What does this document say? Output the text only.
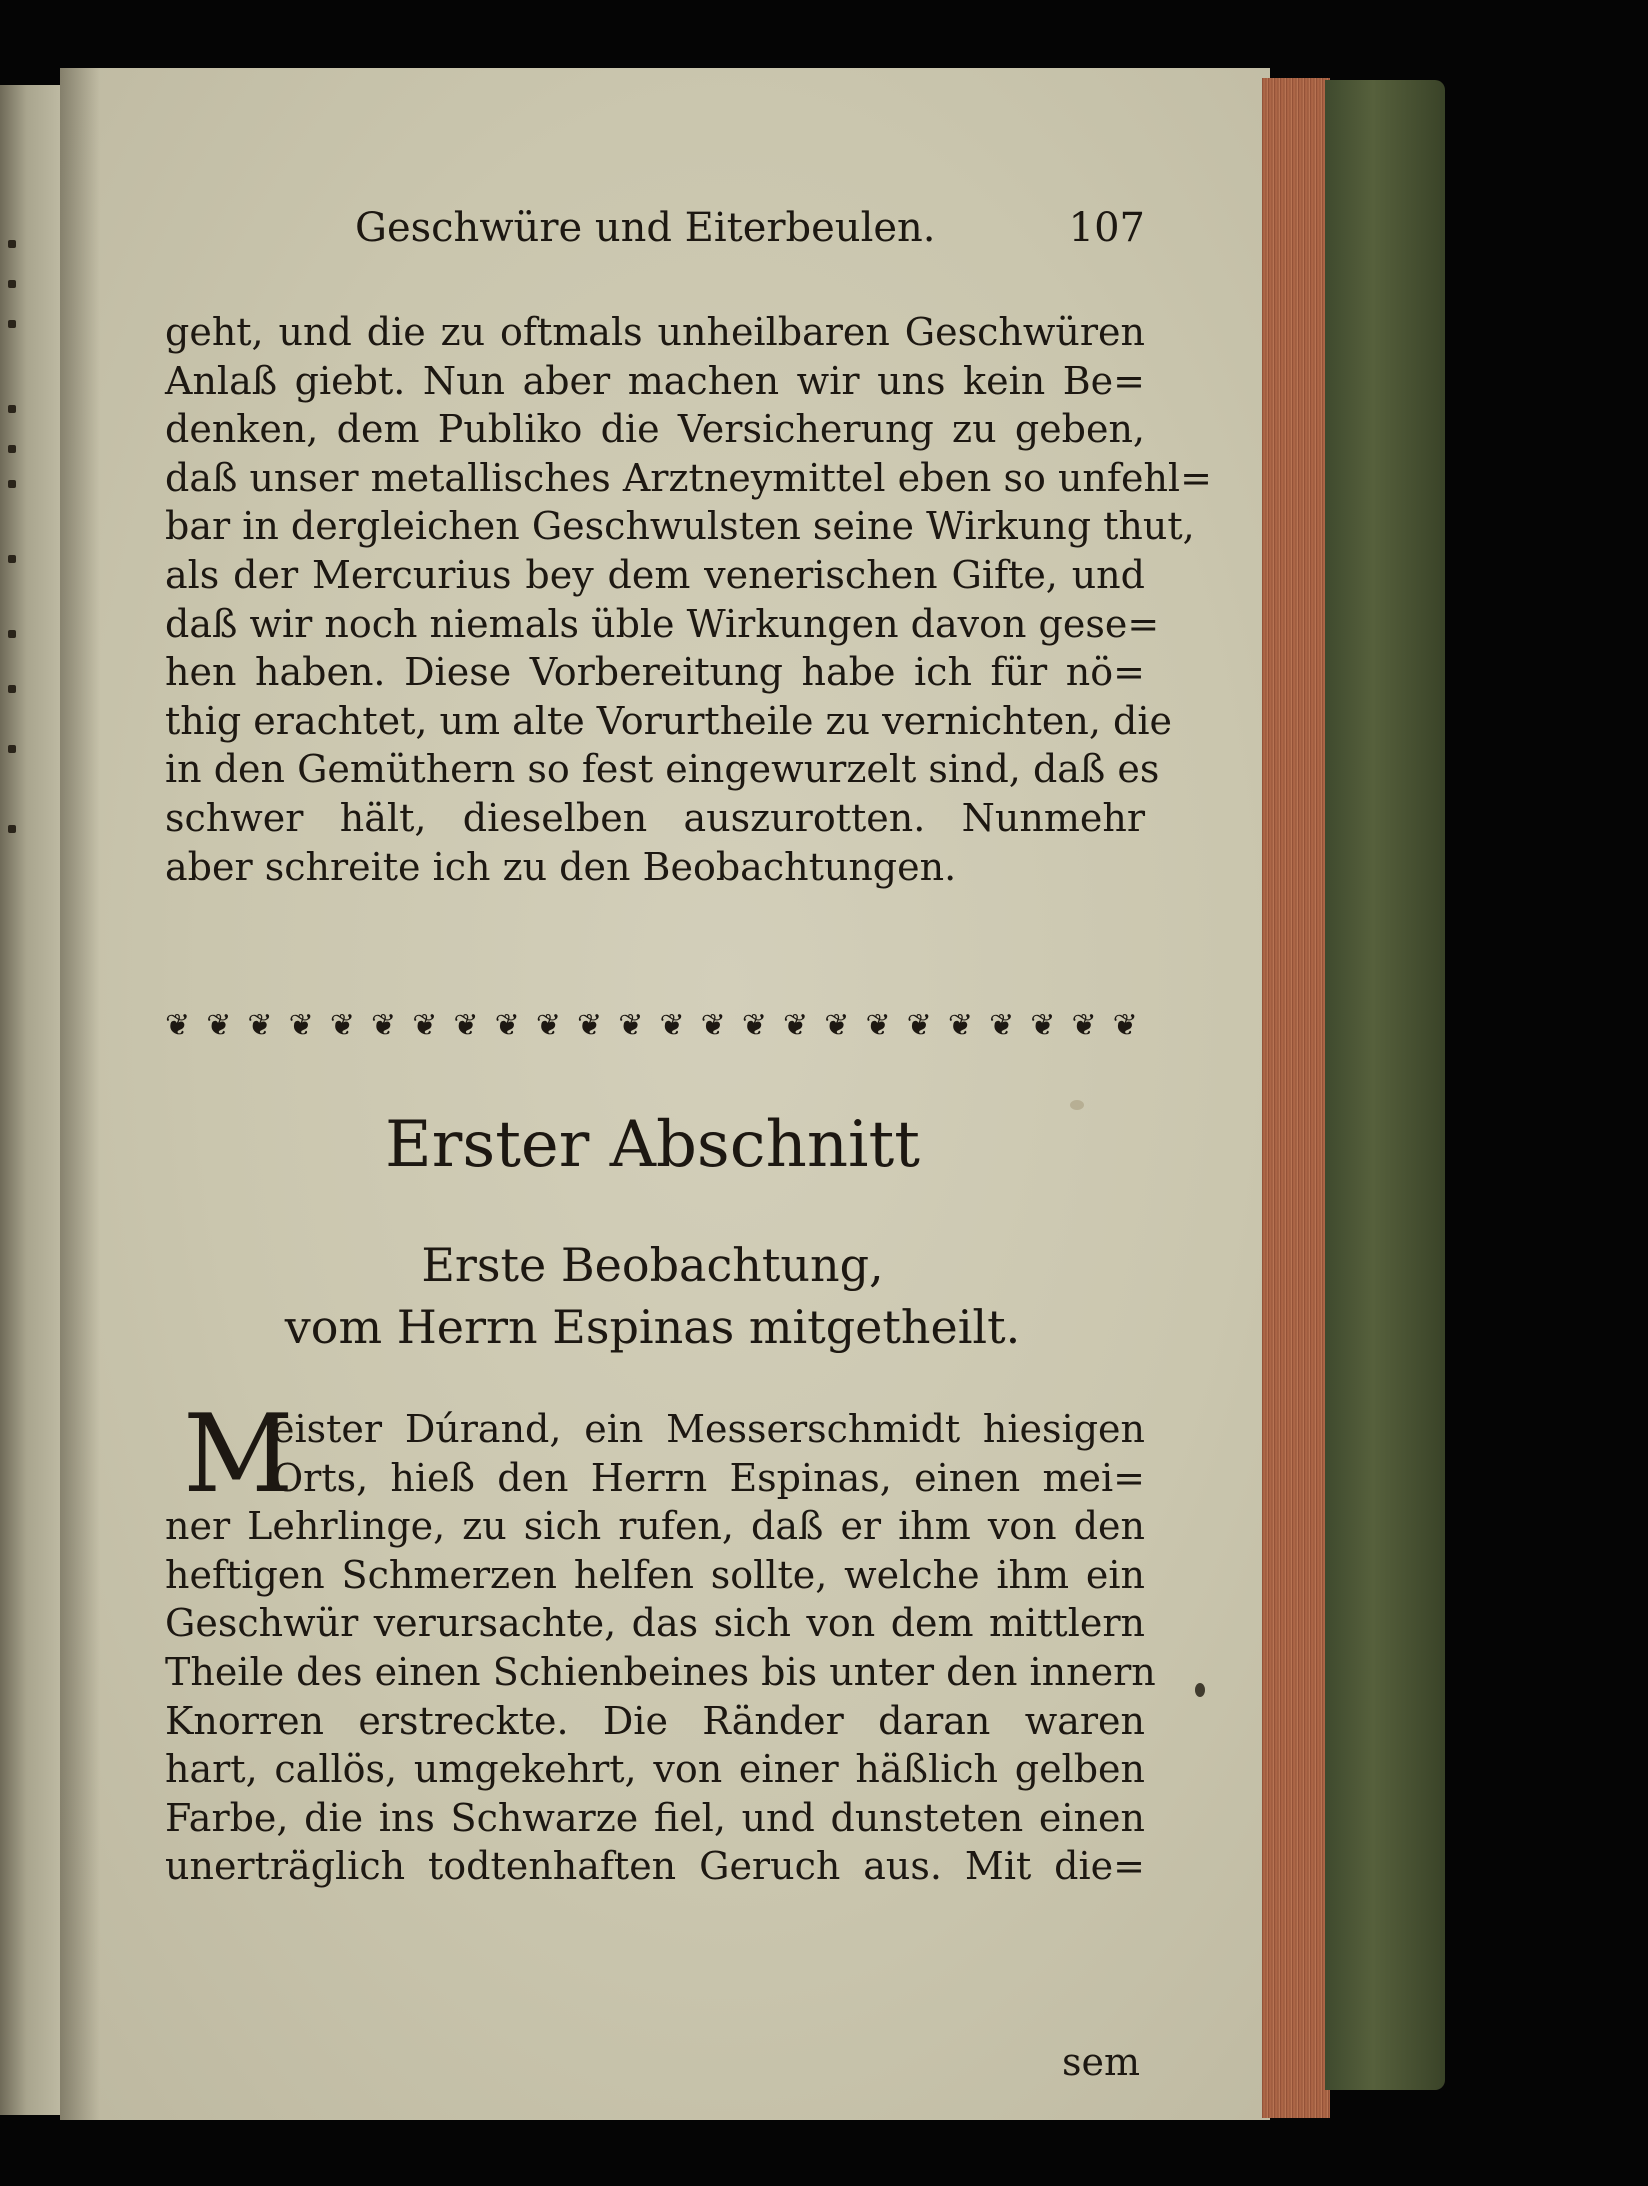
Geschwüre und Eiterbeulen.	107
geht, und die zu oftmals unheilbaren Geschwüren
Anlaß giebt. Nun aber machen wir uns kein Be=
denken, dem Publiko die Versicherung zu geben,
daß unser metallisches Arztneymittel eben so unfehl=
bar in dergleichen Geschwulsten seine Wirkung thut,
als der Mercurius bey dem venerischen Gifte, und
daß wir noch niemals üble Wirkungen davon gese=
hen haben. Diese Vorbereitung habe ich für nö=
thig erachtet, um alte Vorurtheile zu vernichten, die
in den Gemüthern so fest eingewurzelt sind, daß es
schwer hält, dieselben auszurotten. Nunmehr
aber schreite ich zu den Beobachtungen.
❦ ❦ ❦ ❦ ❦ ❦ ❦ ❦ ❦ ❦ ❦ ❦ ❦ ❦ ❦ ❦ ❦ ❦ ❦ ❦ ❦ ❦ ❦ ❦
Erster Abschnitt
Erste Beobachtung,
vom Herrn Espinas mitgetheilt.
M
eister Dúrand, ein Messerschmidt hiesigen
Orts, hieß den Herrn Espinas, einen mei=
ner Lehrlinge, zu sich rufen, daß er ihm von den
heftigen Schmerzen helfen sollte, welche ihm ein
Geschwür verursachte, das sich von dem mittlern
Theile des einen Schienbeines bis unter den innern
Knorren erstreckte. Die Ränder daran waren
hart, callös, umgekehrt, von einer häßlich gelben
Farbe, die ins Schwarze fiel, und dunsteten einen
unerträglich todtenhaften Geruch aus. Mit die=
sem
